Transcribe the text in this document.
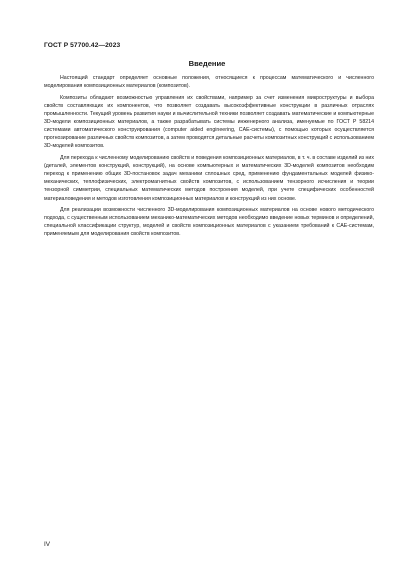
ГОСТ Р 57700.42—2023
Введение

Настоящий стандарт определяет основные положения, относящиеся к процессам математического и численного моделирования композиционных материалов (композитов).

Композиты обладают возможностью управления их свойствами, например за счет изменения микроструктуры и выбора свойств составляющих их компонентов, что позволяет создавать высокоэффективные конструкции в различных отраслях промышленности. Текущий уровень развития науки и вычислительной техники позволяет создавать математические и компьютерные 3D-модели композиционных материалов, а также разрабатывать системы инженерного анализа, именуемые по ГОСТ Р 58214 системами автоматического конструирования (computer aided engineering, CAE-системы), с помощью которых осуществляется прогнозирование различных свойств композитов, а затем проводятся детальные расчеты композитных конструкций с использованием 3D-моделей композитов.

Для перехода к численному моделированию свойств и поведения композиционных материалов, в т. ч. в составе изделий из них (деталей, элементов конструкций, конструкций), на основе компьютерных и математических 3D-моделей композитов необходим переход к применению общих 3D-постановок задач механики сплошных сред, применению фундаментальных моделей физико-механических, теплофизических, электромагнитных свойств композитов, с использованием тензорного исчисления и теории тензорной симметрии, специальных математических методов построения моделей, при учете специфических особенностей материаловедения и методов изготовления композиционных материалов и конструкций из них основе.

Для реализации возможности численного 3D-моделирования композиционных материалов на основе нового методического подхода, с существенным использованием механико-математических методов необходимо введение новых терминов и определений, специальной классификации структур, моделей и свойств композиционных материалов с указанием требований к CAE-системам, применяемым для моделирования свойств композитов.

IV
